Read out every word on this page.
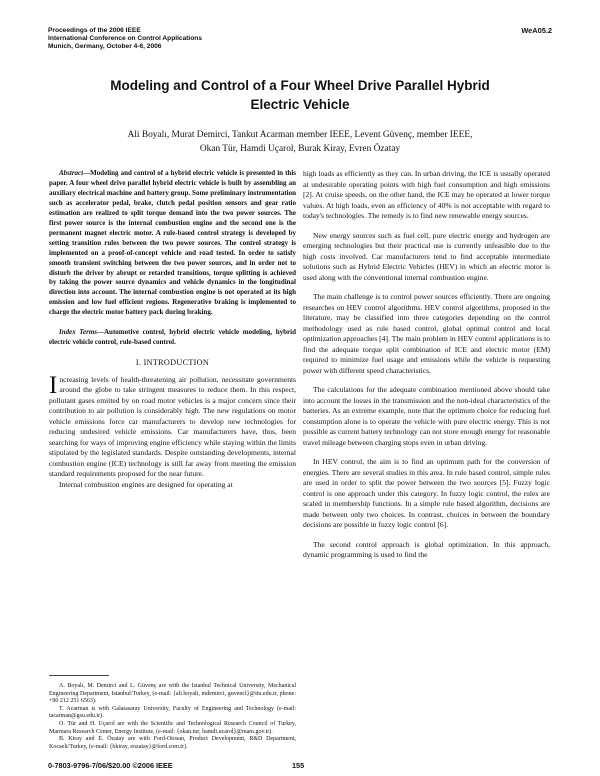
Proceedings of the 2006 IEEE
International Conference on Control Applications
Munich, Germany, October 4-6, 2006
WeA05.2
Modeling and Control of a Four Wheel Drive Parallel Hybrid
Electric Vehicle
Ali Boyalı, Murat Demirci, Tankut Acarman member IEEE, Levent Güvenç, member IEEE,
Okan Tür, Hamdi Uçarol, Burak Kiray, Evren Özatay

Abstract—Modeling and control of a hybrid electric vehicle is presented in this paper. A four wheel drive parallel hybrid electric vehicle is built by assembling an auxiliary electrical machine and battery group. Some preliminary instrumentation such as accelerator pedal, brake, clutch pedal position sensors and gear ratio estimation are realized to split torque demand into the two power sources. The first power source is the internal combustion engine and the second one is the permanent magnet electric motor. A rule-based control strategy is developed by setting transition rules between the two power sources. The control strategy is implemented on a proof-of-concept vehicle and road tested. In order to satisfy smooth transient switching between the two power sources, and in order not to disturb the driver by abrupt or retarded transitions, torque splitting is achieved by taking the power source dynamics and vehicle dynamics in the longitudinal direction into account. The internal combustion engine is not operated at its high emission and low fuel efficient regions. Regenerative braking is implemented to charge the electric motor battery pack during braking.

Index Terms—Automotive control, hybrid electric vehicle modeling, hybrid electric vehicle control, rule-based control.

I. INTRODUCTION

Increasing levels of health-threatening air pollution, necessitate governments around the globe to take stringent measures to reduce them. In this respect, pollutant gases emitted by on road motor vehicles is a major concern since their contribution to air pollution is considerably high. The new regulations on motor vehicle emissions force car manufacturers to develop new technologies for reducing undesired vehicle emissions. Car manufacturers have, thus, been searching for ways of improving engine efficiency while staying within the limits stipulated by the legislated standards. Despite outstanding developments, internal combustion engine (ICE) technology is still far away from meeting the emission standard requirements proposed for the near future.

Internal combustion engines are designed for operating at

high loads as efficiently as they can. In urban driving, the ICE is usually operated at undesirable operating points with high fuel consumption and high emissions [2]. At cruise speeds, on the other hand, the ICE may be operated at lower torque values. At high loads, even an efficiency of 40% is not acceptable with regard to today's technologies. The remedy is to find new renewable energy sources.

New energy sources such as fuel cell, pure electric energy and hydrogen are emerging technologies but their practical use is currently unfeasible due to the high costs involved. Car manufacturers tend to find acceptable intermediate solutions such as Hybrid Electric Vehicles (HEV) in which an electric motor is used along with the conventional internal combustion engine.

The main challenge is to control power sources efficiently. There are ongoing researches on HEV control algorithms. HEV control algorithms, proposed in the literature, may be classified into three categories depending on the control methodology used as rule based control, global optimal control and local optimization approaches [4]. The main problem in HEV control applications is to find the adequate torque split combination of ICE and electric motor (EM) required to minimize fuel usage and emissions while the vehicle is requesting power with different speed characteristics.

The calculations for the adequate combination mentioned above should take into account the losses in the transmission and the non-ideal characteristics of the batteries. As an extreme example, note that the optimum choice for reducing fuel consumption alone is to operate the vehicle with pure electric energy. This is not possible as current battery technology can not store enough energy for reasonable travel mileage between charging stops even in urban driving.

In HEV control, the aim is to find an optimum path for the conversion of energies. There are several studies in this area. In rule based control, simple rules are used in order to split the power between the two sources [5]. Fuzzy logic control is one approach under this category. In fuzzy logic control, the rules are scaled in membership functions. In a simple rule based algorithm, decisions are made between only two choices. In contrast, choices in between the boundary decisions are possible in fuzzy logic control [6].

The second control approach is global optimization. In this approach, dynamic programming is used to find the

A. Boyalı, M. Demirci and L. Güvenç are with the Istanbul Technical University, Mechanical Engineering Department, Istanbul/Turkey, (e-mail: {ali.boyali, mdemirci, guvencl}@itu.edu.tr, phone: +90 212 251 6563).

T. Acarman is with Galatasaray University, Faculty of Engineering and Technology (e-mail: tacarman@gsu.edu.tr).

O. Tür and H. Uçarol are with the Scientific and Technological Research Council of Turkey, Marmara Research Center, Energy Institute, (e-mail: {okan.tur, hamdi.ucarol}@mam.gov.tr).

B. Kiray and E. Özatay are with Ford-Otosan, Product Development, R&D Department, Kocaeli/Turkey, (e-mail: {bkiray, eozatay}@ford.com.tr).

0-7803-9796-7/06/$20.00 ©2006 IEEE	155
